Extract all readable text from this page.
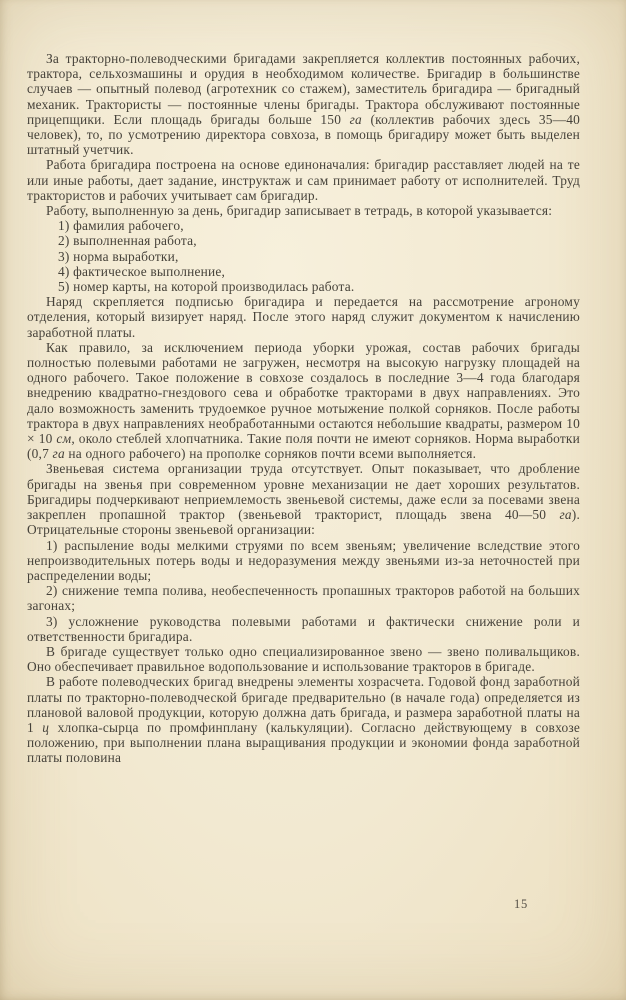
За тракторно-полеводческими бригадами закрепляется коллектив постоянных рабочих, трактора, сельхозмашины и орудия в необходимом количестве. Бригадир в большинстве случаев — опытный полевод (агротехник со стажем), заместитель бригадира — бригадный механик. Трактористы — постоянные члены бригады. Трактора обслуживают постоянные прицепщики. Если площадь бригады больше 150 га (коллектив рабочих здесь 35—40 человек), то, по усмотрению директора совхоза, в помощь бригадиру может быть выделен штатный учетчик.

Работа бригадира построена на основе единоначалия: бригадир расставляет людей на те или иные работы, дает задание, инструктаж и сам принимает работу от исполнителей. Труд трактористов и рабочих учитывает сам бригадир.

Работу, выполненную за день, бригадир записывает в тетрадь, в которой указывается:

1) фамилия рабочего,

2) выполненная работа,

3) норма выработки,

4) фактическое выполнение,

5) номер карты, на которой производилась работа.

Наряд скрепляется подписью бригадира и передается на рассмотрение агроному отделения, который визирует наряд. После этого наряд служит документом к начислению заработной платы.

Как правило, за исключением периода уборки урожая, состав рабочих бригады полностью полевыми работами не загружен, несмотря на высокую нагрузку площадей на одного рабочего. Такое положение в совхозе создалось в последние 3—4 года благодаря внедрению квадратно-гнездового сева и обработке тракторами в двух направлениях. Это дало возможность заменить трудоемкое ручное мотыжение полкой сорняков. После работы трактора в двух направлениях необработанными остаются небольшие квадраты, размером 10 × 10 см, около стеблей хлопчатника. Такие поля почти не имеют сорняков. Норма выработки (0,7 га на одного рабочего) на прополке сорняков почти всеми выполняется.

Звеньевая система организации труда отсутствует. Опыт показывает, что дробление бригады на звенья при современном уровне механизации не дает хороших результатов. Бригадиры подчеркивают неприемлемость звеньевой системы, даже если за посевами звена закреплен пропашной трактор (звеньевой тракторист, площадь звена 40—50 га). Отрицательные стороны звеньевой организации:

1) распыление воды мелкими струями по всем звеньям; увеличение вследствие этого непроизводительных потерь воды и недоразумения между звеньями из-за неточностей при распределении воды;

2) снижение темпа полива, необеспеченность пропашных тракторов работой на больших загонах;

3) усложнение руководства полевыми работами и фактически снижение роли и ответственности бригадира.

В бригаде существует только одно специализированное звено — звено поливальщиков. Оно обеспечивает правильное водопользование и использование тракторов в бригаде.

В работе полеводческих бригад внедрены элементы хозрасчета. Годовой фонд заработной платы по тракторно-полеводческой бригаде предварительно (в начале года) определяется из плановой валовой продукции, которую должна дать бригада, и размера заработной платы на 1 ц хлопка-сырца по промфинплану (калькуляции). Согласно действующему в совхозе положению, при выполнении плана выращивания продукции и экономии фонда заработной платы половина

15
